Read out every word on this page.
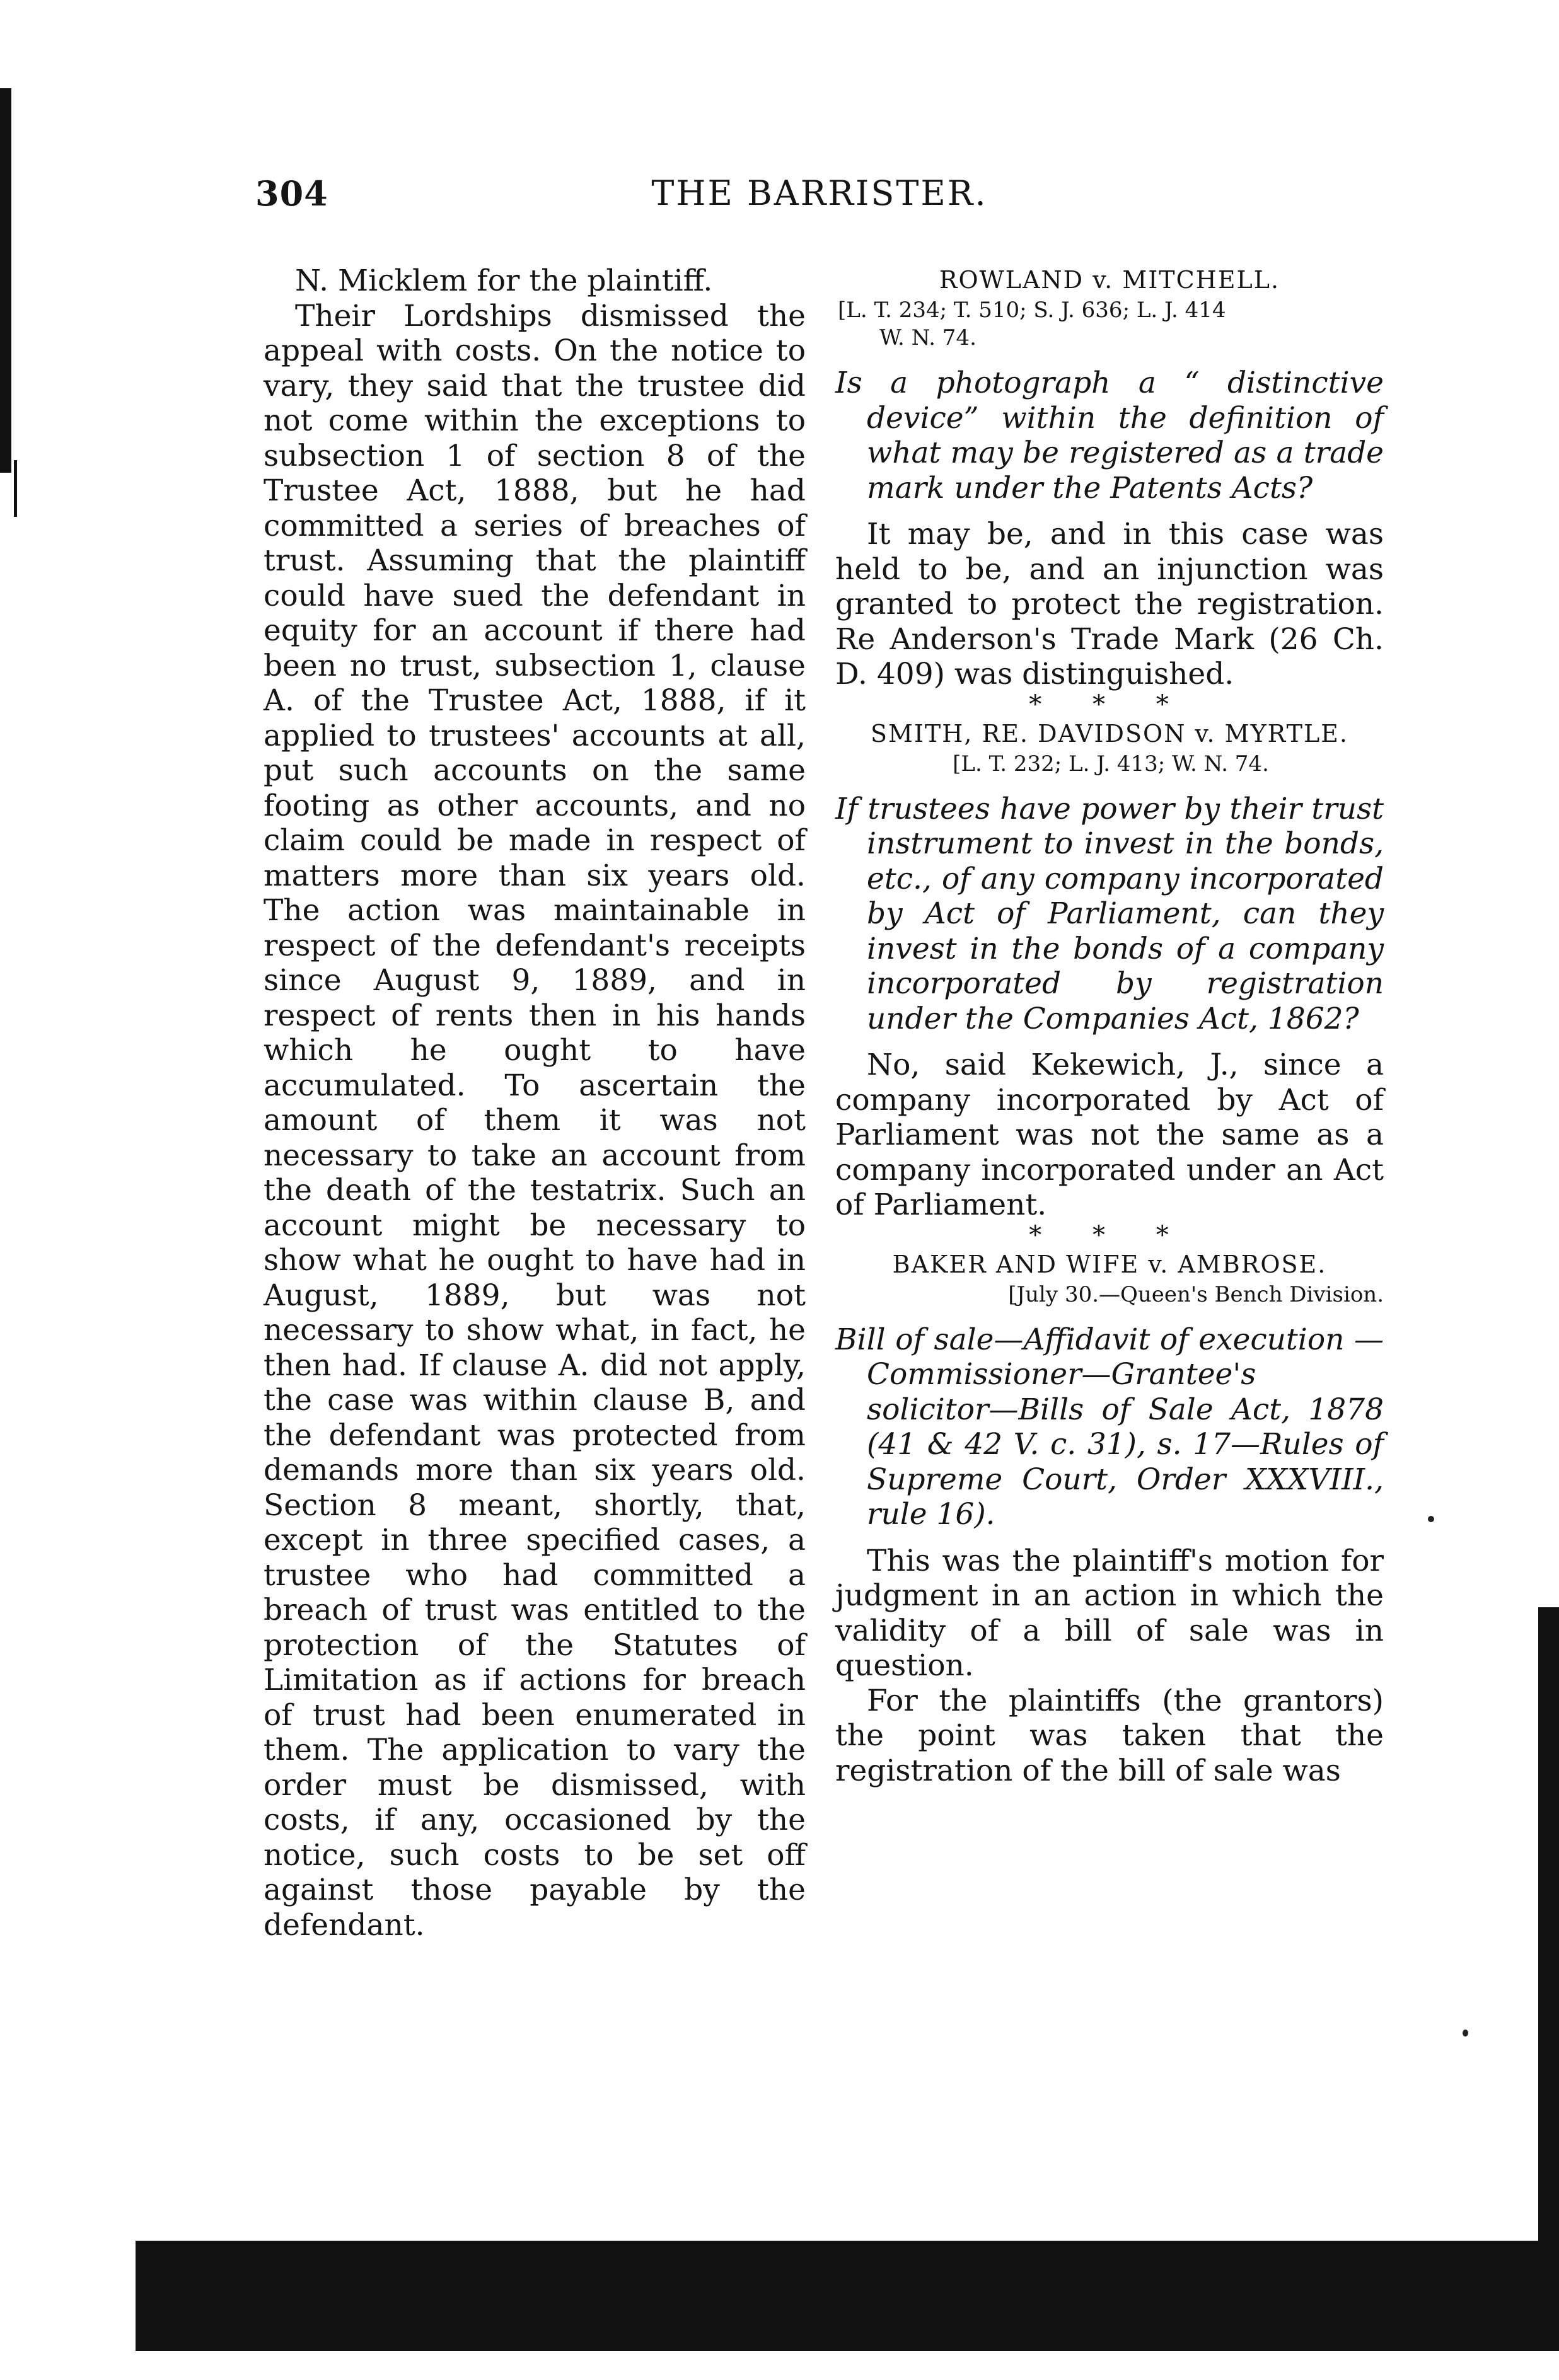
304	THE BARRISTER.

N. Micklem for the plaintiff.

Their Lordships dismissed the appeal with costs. On the notice to vary, they said that the trustee did not come within the exceptions to subsection 1 of section 8 of the Trustee Act, 1888, but he had committed a series of breaches of trust. Assuming that the plaintiff could have sued the defendant in equity for an account if there had been no trust, subsection 1, clause A. of the Trustee Act, 1888, if it applied to trustees' accounts at all, put such accounts on the same footing as other accounts, and no claim could be made in respect of matters more than six years old. The action was maintainable in respect of the defendant's receipts since August 9, 1889, and in respect of rents then in his hands which he ought to have accumulated. To ascertain the amount of them it was not necessary to take an account from the death of the testatrix. Such an account might be necessary to show what he ought to have had in August, 1889, but was not necessary to show what, in fact, he then had. If clause A. did not apply, the case was within clause B, and the defendant was protected from demands more than six years old. Section 8 meant, shortly, that, except in three specified cases, a trustee who had committed a breach of trust was entitled to the protection of the Statutes of Limitation as if actions for breach of trust had been enumerated in them. The application to vary the order must be dismissed, with costs, if any, occasioned by the notice, such costs to be set off against those payable by the defendant.

ROWLAND v. MITCHELL.

[L. T. 234; T. 510; S. J. 636; L. J. 414

W. N. 74.

Is a photograph a “ distinctive device” within the definition of what may be registered as a trade mark under the Patents Acts?

It may be, and in this case was held to be, and an injunction was granted to protect the registration. Re Anderson's Trade Mark (26 Ch. D. 409) was distinguished.

* * *

SMITH, RE. DAVIDSON v. MYRTLE.

[L. T. 232; L. J. 413; W. N. 74.

If trustees have power by their trust instrument to invest in the bonds, etc., of any company incorporated by Act of Parliament, can they invest in the bonds of a company incorporated by registration under the Companies Act, 1862?

No, said Kekewich, J., since a company incorporated by Act of Parliament was not the same as a company incorporated under an Act of Parliament.

* * *

BAKER AND WIFE v. AMBROSE.

[July 30.—Queen's Bench Division.

Bill of sale—Affidavit of execution —Commissioner—Grantee's solicitor—Bills of Sale Act, 1878 (41 & 42 V. c. 31), s. 17—Rules of Supreme Court, Order XXXVIII., rule 16).

This was the plaintiff's motion for judgment in an action in which the validity of a bill of sale was in question.

For the plaintiffs (the grantors) the point was taken that the registration of the bill of sale was
